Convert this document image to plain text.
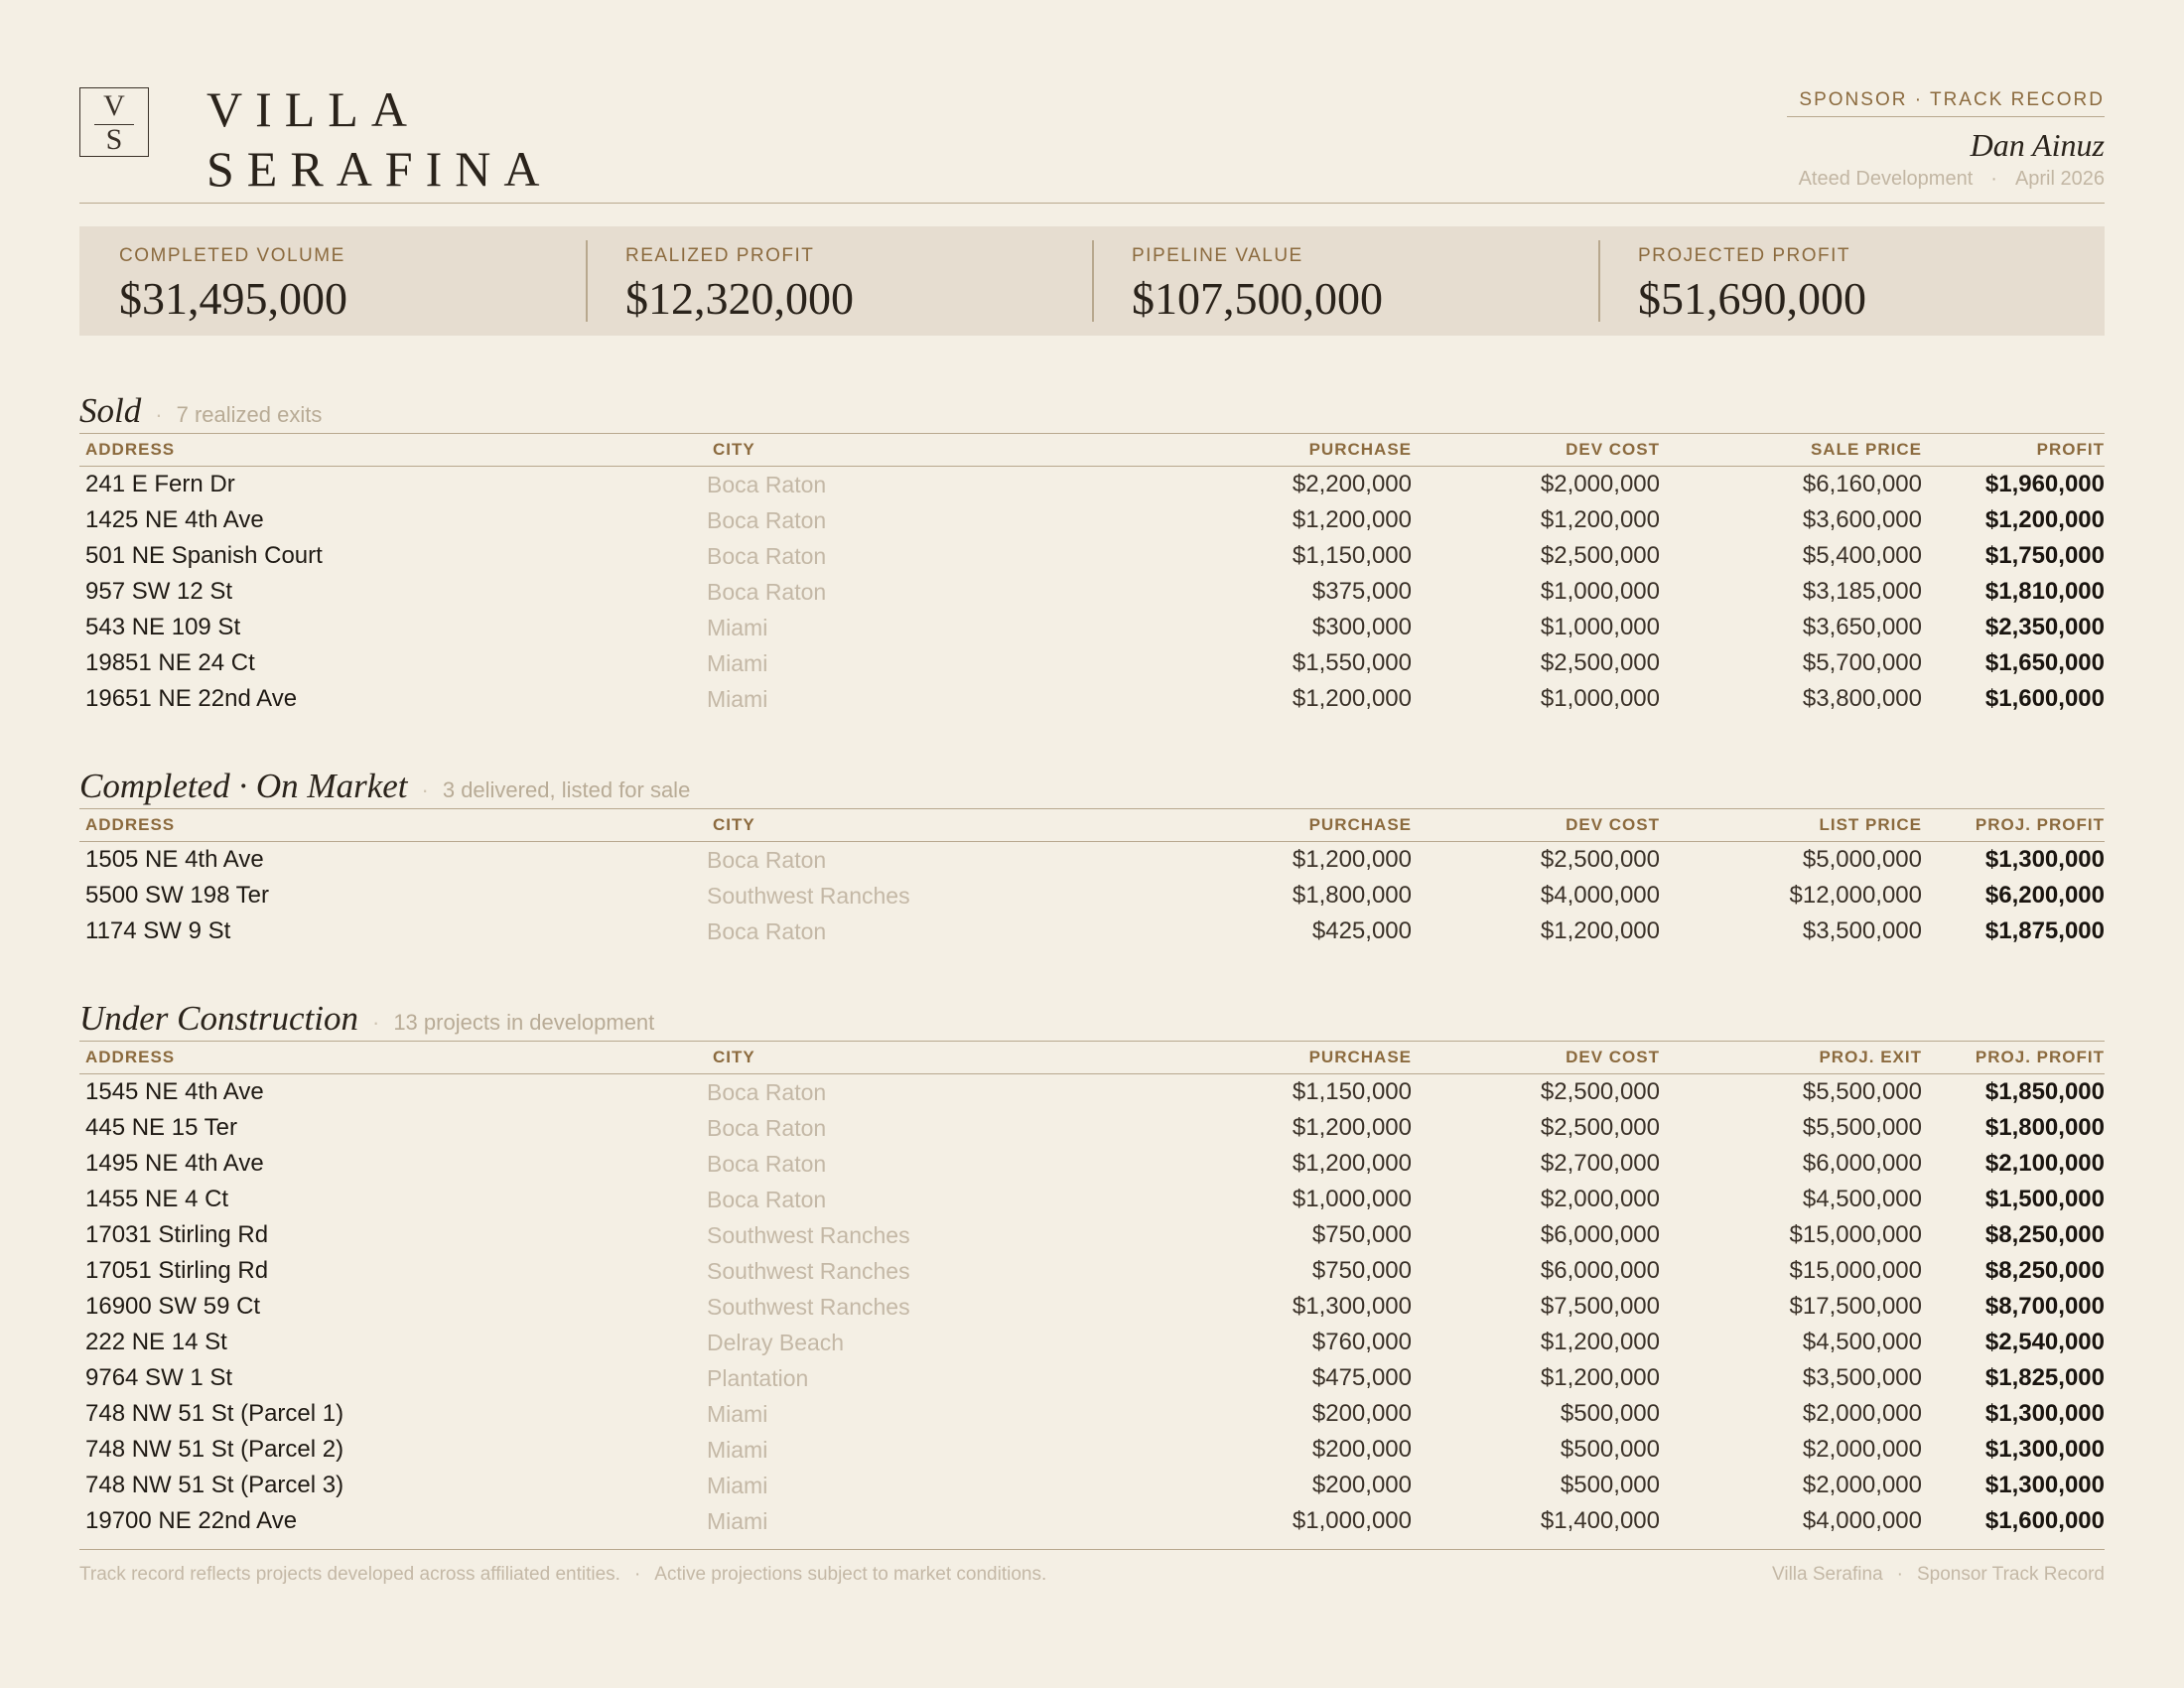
V
S
VILLA
SERAFINA
SPONSOR · TRACK RECORD
Dan Ainuz
Ateed Development · April 2026
COMPLETED VOLUME
$31,495,000
REALIZED PROFIT
$12,320,000
PIPELINE VALUE
$107,500,000
PROJECTED PROFIT
$51,690,000
Sold · 7 realized exits
ADDRESS	CITY	PURCHASE	DEV COST	SALE PRICE	PROFIT
241 E Fern Dr	Boca Raton	$2,200,000	$2,000,000	$6,160,000	$1,960,000
1425 NE 4th Ave	Boca Raton	$1,200,000	$1,200,000	$3,600,000	$1,200,000
501 NE Spanish Court	Boca Raton	$1,150,000	$2,500,000	$5,400,000	$1,750,000
957 SW 12 St	Boca Raton	$375,000	$1,000,000	$3,185,000	$1,810,000
543 NE 109 St	Miami	$300,000	$1,000,000	$3,650,000	$2,350,000
19851 NE 24 Ct	Miami	$1,550,000	$2,500,000	$5,700,000	$1,650,000
19651 NE 22nd Ave	Miami	$1,200,000	$1,000,000	$3,800,000	$1,600,000
Completed · On Market · 3 delivered, listed for sale
ADDRESS	CITY	PURCHASE	DEV COST	LIST PRICE	PROJ. PROFIT
1505 NE 4th Ave	Boca Raton	$1,200,000	$2,500,000	$5,000,000	$1,300,000
5500 SW 198 Ter	Southwest Ranches	$1,800,000	$4,000,000	$12,000,000	$6,200,000
1174 SW 9 St	Boca Raton	$425,000	$1,200,000	$3,500,000	$1,875,000
Under Construction · 13 projects in development
ADDRESS	CITY	PURCHASE	DEV COST	PROJ. EXIT	PROJ. PROFIT
1545 NE 4th Ave	Boca Raton	$1,150,000	$2,500,000	$5,500,000	$1,850,000
445 NE 15 Ter	Boca Raton	$1,200,000	$2,500,000	$5,500,000	$1,800,000
1495 NE 4th Ave	Boca Raton	$1,200,000	$2,700,000	$6,000,000	$2,100,000
1455 NE 4 Ct	Boca Raton	$1,000,000	$2,000,000	$4,500,000	$1,500,000
17031 Stirling Rd	Southwest Ranches	$750,000	$6,000,000	$15,000,000	$8,250,000
17051 Stirling Rd	Southwest Ranches	$750,000	$6,000,000	$15,000,000	$8,250,000
16900 SW 59 Ct	Southwest Ranches	$1,300,000	$7,500,000	$17,500,000	$8,700,000
222 NE 14 St	Delray Beach	$760,000	$1,200,000	$4,500,000	$2,540,000
9764 SW 1 St	Plantation	$475,000	$1,200,000	$3,500,000	$1,825,000
748 NW 51 St (Parcel 1)	Miami	$200,000	$500,000	$2,000,000	$1,300,000
748 NW 51 St (Parcel 2)	Miami	$200,000	$500,000	$2,000,000	$1,300,000
748 NW 51 St (Parcel 3)	Miami	$200,000	$500,000	$2,000,000	$1,300,000
19700 NE 22nd Ave	Miami	$1,000,000	$1,400,000	$4,000,000	$1,600,000
Track record reflects projects developed across affiliated entities. · Active projections subject to market conditions.	Villa Serafina · Sponsor Track Record
